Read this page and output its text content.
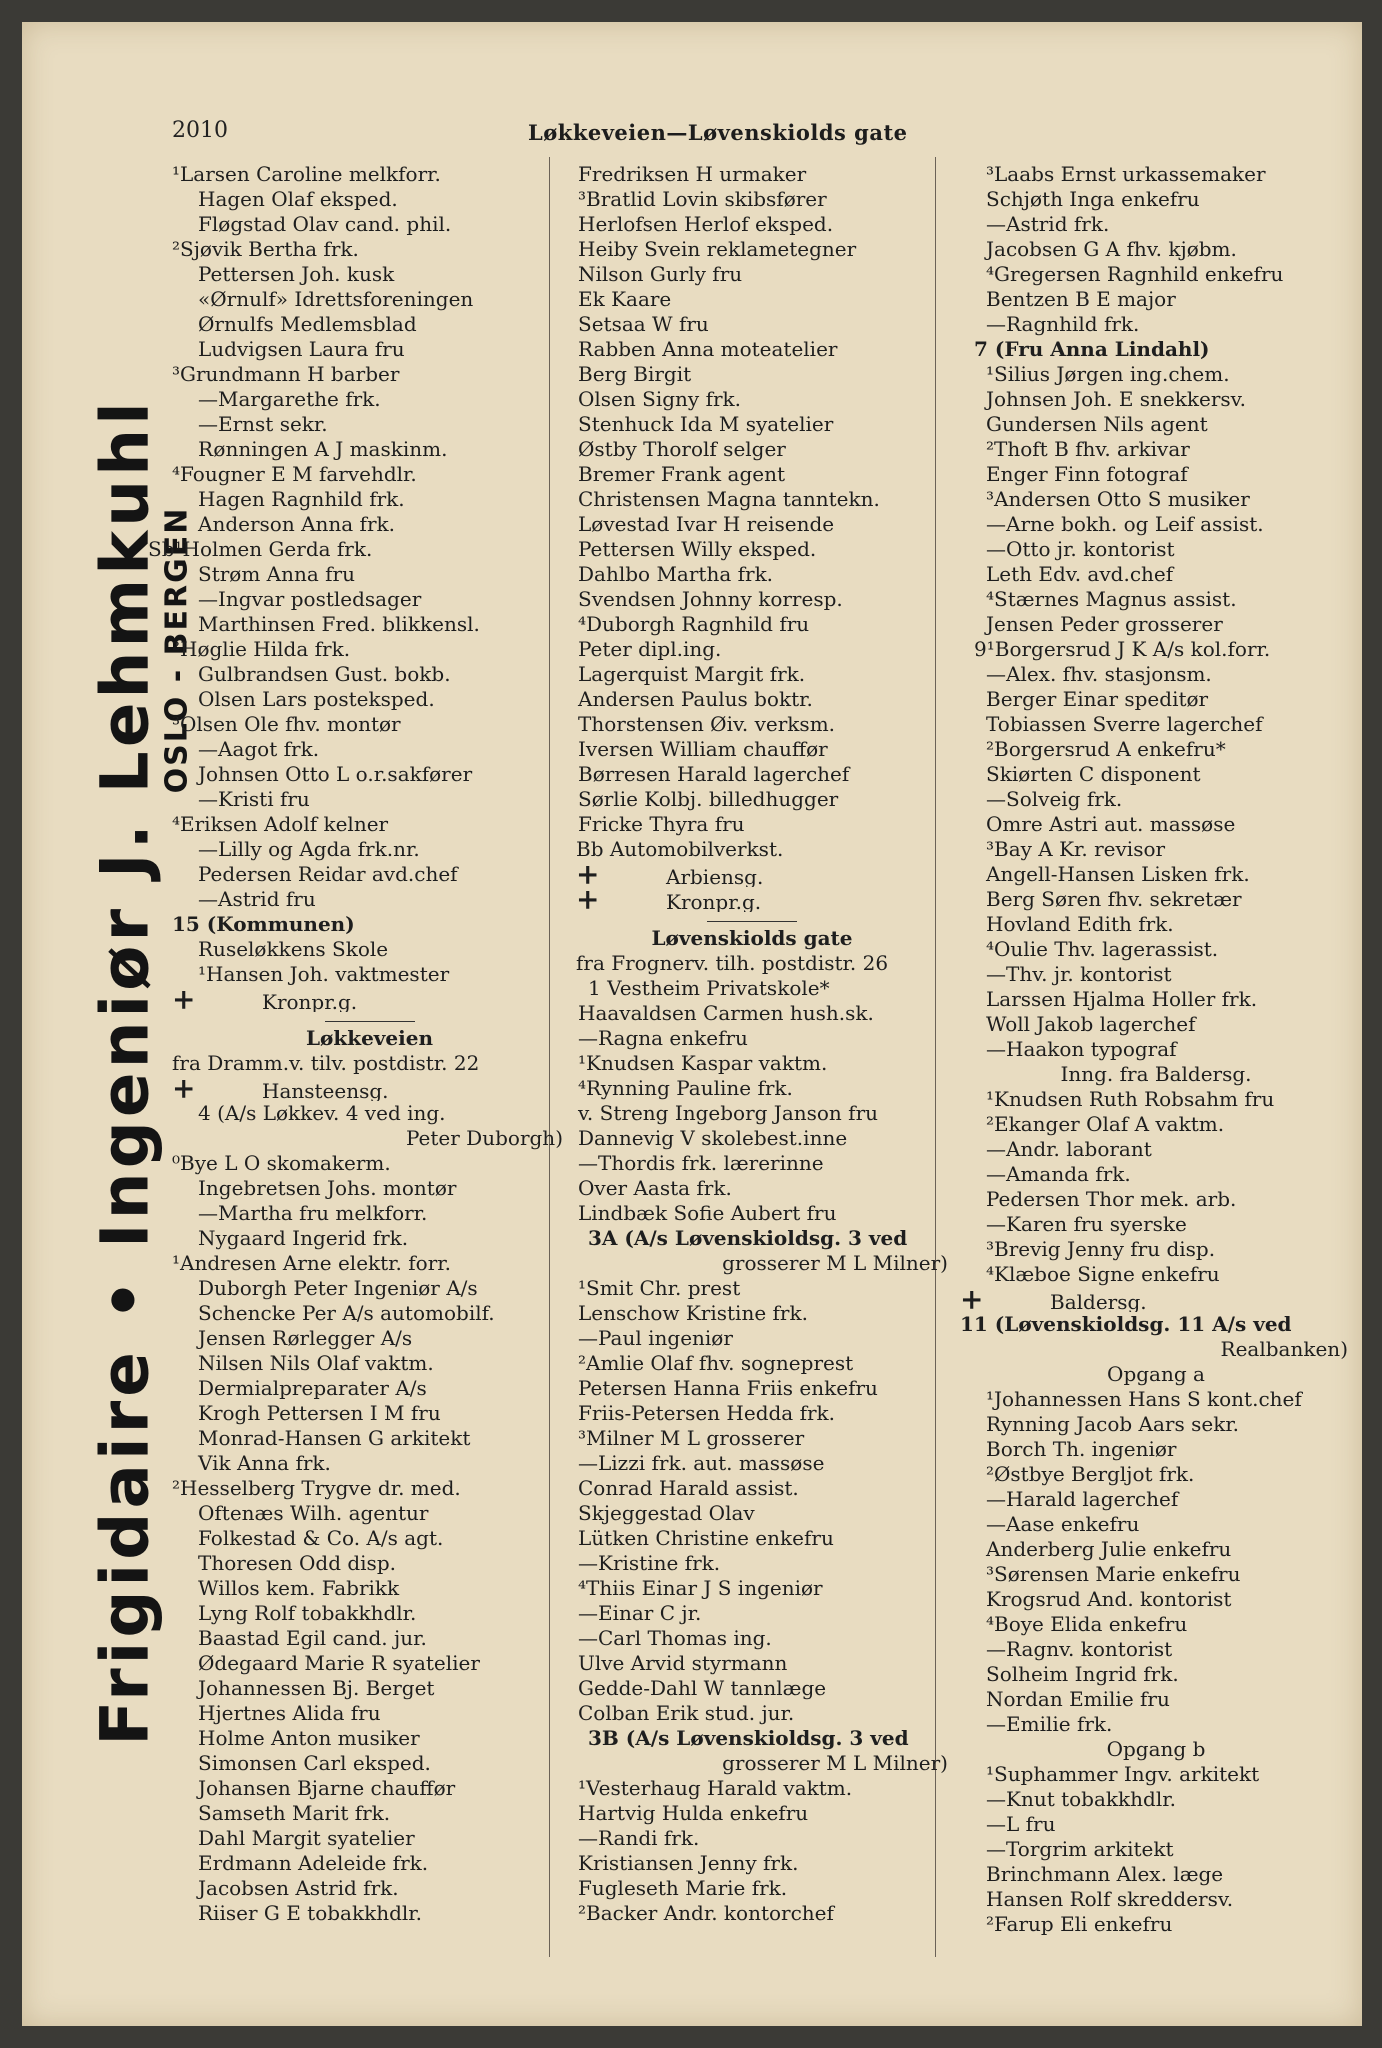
2010	Løkkeveien—Løvenskiolds gate
Frigidaire • Ingeniør J. Lehmkuhl
OSLO - BERGEN
¹Larsen Caroline melkforr.
Hagen Olaf eksped.
Fløgstad Olav cand. phil.
²Sjøvik Bertha frk.
Pettersen Joh. kusk
«Ørnulf» Idrettsforeningen
Ørnulfs Medlemsblad
Ludvigsen Laura fru
³Grundmann H barber
—Margarethe frk.
—Ernst sekr.
Rønningen A J maskinm.
⁴Fougner E M farvehdlr.
Hagen Ragnhild frk.
Anderson Anna frk.
Sb¹Holmen Gerda frk.
Strøm Anna fru
—Ingvar postledsager
Marthinsen Fred. blikkensl.
²Høglie Hilda frk.
Gulbrandsen Gust. bokb.
Olsen Lars posteksped.
³Olsen Ole fhv. montør
—Aagot frk.
Johnsen Otto L o.r.sakfører
—Kristi fru
⁴Eriksen Adolf kelner
—Lilly og Agda frk.nr.
Pedersen Reidar avd.chef
—Astrid fru
15 (Kommunen)
Ruseløkkens Skole
¹Hansen Joh. vaktmester
+	Kronpr.g.
Løkkeveien
fra Dramm.v. tilv. postdistr. 22
+	Hansteensg.
4 (A/s Løkkev. 4 ved ing.
Peter Duborgh)
⁰Bye L O skomakerm.
Ingebretsen Johs. montør
—Martha fru melkforr.
Nygaard Ingerid frk.
¹Andresen Arne elektr. forr.
Duborgh Peter Ingeniør A/s
Schencke Per A/s automobilf.
Jensen Rørlegger A/s
Nilsen Nils Olaf vaktm.
Dermialpreparater A/s
Krogh Pettersen I M fru
Monrad-Hansen G arkitekt
Vik Anna frk.
²Hesselberg Trygve dr. med.
Oftenæs Wilh. agentur
Folkestad & Co. A/s agt.
Thoresen Odd disp.
Willos kem. Fabrikk
Lyng Rolf tobakkhdlr.
Baastad Egil cand. jur.
Ødegaard Marie R syatelier
Johannessen Bj. Berget
Hjertnes Alida fru
Holme Anton musiker
Simonsen Carl eksped.
Johansen Bjarne chauffør
Samseth Marit frk.
Dahl Margit syatelier
Erdmann Adeleide frk.
Jacobsen Astrid frk.
Riiser G E tobakkhdlr.
Fredriksen H urmaker
³Bratlid Lovin skibsfører
Herlofsen Herlof eksped.
Heiby Svein reklametegner
Nilson Gurly fru
Ek Kaare
Setsaa W fru
Rabben Anna moteatelier
Berg Birgit
Olsen Signy frk.
Stenhuck Ida M syatelier
Østby Thorolf selger
Bremer Frank agent
Christensen Magna tanntekn.
Løvestad Ivar H reisende
Pettersen Willy eksped.
Dahlbo Martha frk.
Svendsen Johnny korresp.
⁴Duborgh Ragnhild fru
Peter dipl.ing.
Lagerquist Margit frk.
Andersen Paulus boktr.
Thorstensen Øiv. verksm.
Iversen William chauffør
Børresen Harald lagerchef
Sørlie Kolbj. billedhugger
Fricke Thyra fru
Bb Automobilverkst.
+	Arbiensg.
+	Kronpr.g.
Løvenskiolds gate
fra Frognerv. tilh. postdistr. 26
1 Vestheim Privatskole*
Haavaldsen Carmen hush.sk.
—Ragna enkefru
¹Knudsen Kaspar vaktm.
⁴Rynning Pauline frk.
v. Streng Ingeborg Janson fru
Dannevig V skolebest.inne
—Thordis frk. lærerinne
Over Aasta frk.
Lindbæk Sofie Aubert fru
3A (A/s Løvenskioldsg. 3 ved
grosserer M L Milner)
¹Smit Chr. prest
Lenschow Kristine frk.
—Paul ingeniør
²Amlie Olaf fhv. sogneprest
Petersen Hanna Friis enkefru
Friis-Petersen Hedda frk.
³Milner M L grosserer
—Lizzi frk. aut. massøse
Conrad Harald assist.
Skjeggestad Olav
Lütken Christine enkefru
—Kristine frk.
⁴Thiis Einar J S ingeniør
—Einar C jr.
—Carl Thomas ing.
Ulve Arvid styrmann
Gedde-Dahl W tannlæge
Colban Erik stud. jur.
3B (A/s Løvenskioldsg. 3 ved
grosserer M L Milner)
¹Vesterhaug Harald vaktm.
Hartvig Hulda enkefru
—Randi frk.
Kristiansen Jenny frk.
Fugleseth Marie frk.
²Backer Andr. kontorchef
³Laabs Ernst urkassemaker
Schjøth Inga enkefru
—Astrid frk.
Jacobsen G A fhv. kjøbm.
⁴Gregersen Ragnhild enkefru
Bentzen B E major
—Ragnhild frk.
7 (Fru Anna Lindahl)
¹Silius Jørgen ing.chem.
Johnsen Joh. E snekkersv.
Gundersen Nils agent
²Thoft B fhv. arkivar
Enger Finn fotograf
³Andersen Otto S musiker
—Arne bokh. og Leif assist.
—Otto jr. kontorist
Leth Edv. avd.chef
⁴Stærnes Magnus assist.
Jensen Peder grosserer
9¹Borgersrud J K A/s kol.forr.
—Alex. fhv. stasjonsm.
Berger Einar speditør
Tobiassen Sverre lagerchef
²Borgersrud A enkefru*
Skiørten C disponent
—Solveig frk.
Omre Astri aut. massøse
³Bay A Kr. revisor
Angell-Hansen Lisken frk.
Berg Søren fhv. sekretær
Hovland Edith frk.
⁴Oulie Thv. lagerassist.
—Thv. jr. kontorist
Larssen Hjalma Holler frk.
Woll Jakob lagerchef
—Haakon typograf
Inng. fra Baldersg.
¹Knudsen Ruth Robsahm fru
²Ekanger Olaf A vaktm.
—Andr. laborant
—Amanda frk.
Pedersen Thor mek. arb.
—Karen fru syerske
³Brevig Jenny fru disp.
⁴Klæboe Signe enkefru
+	Baldersg.
11 (Løvenskioldsg. 11 A/s ved
Realbanken)
Opgang a
¹Johannessen Hans S kont.chef
Rynning Jacob Aars sekr.
Borch Th. ingeniør
²Østbye Bergljot frk.
—Harald lagerchef
—Aase enkefru
Anderberg Julie enkefru
³Sørensen Marie enkefru
Krogsrud And. kontorist
⁴Boye Elida enkefru
—Ragnv. kontorist
Solheim Ingrid frk.
Nordan Emilie fru
—Emilie frk.
Opgang b
¹Suphammer Ingv. arkitekt
—Knut tobakkhdlr.
—L fru
—Torgrim arkitekt
Brinchmann Alex. læge
Hansen Rolf skreddersv.
²Farup Eli enkefru
